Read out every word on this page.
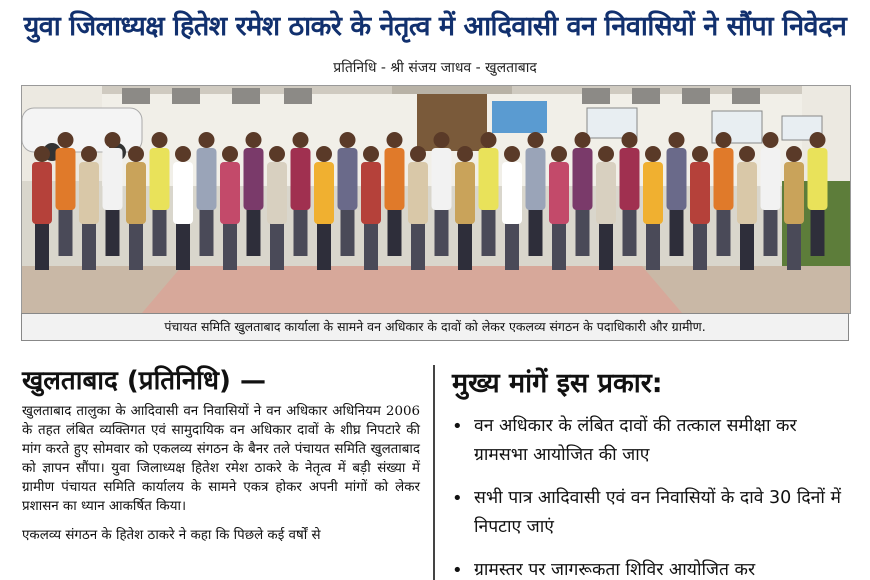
युवा जिलाध्यक्ष हितेश रमेश ठाकरे के नेतृत्व में आदिवासी वन निवासियों ने सौंपा निवेदन
प्रतिनिधि - श्री संजय जाधव - खुलताबाद
पंचायत समिति खुलताबाद कार्याला के सामने वन अधिकार के दावों को लेकर एकलव्य संगठन के पदाधिकारी और ग्रामीण.
खुलताबाद (प्रतिनिधि) —

खुलताबाद तालुका के आदिवासी वन निवासियों ने वन अधिकार अधिनियम 2006 के तहत लंबित व्यक्तिगत एवं सामुदायिक वन अधिकार दावों के शीघ्र निपटारे की मांग करते हुए सोमवार को एकलव्य संगठन के बैनर तले पंचायत समिति खुलताबाद को ज्ञापन सौंपा। युवा जिलाध्यक्ष हितेश रमेश ठाकरे के नेतृत्व में बड़ी संख्या में ग्रामीण पंचायत समिति कार्यालय के सामने एकत्र होकर अपनी मांगों को लेकर प्रशासन का ध्यान आकर्षित किया।

एकलव्य संगठन के हितेश ठाकरे ने कहा कि पिछले कई वर्षों से

मुख्य मांगें इस प्रकार:
• वन अधिकार के लंबित दावों की तत्काल समीक्षा कर ग्रामसभा आयोजित की जाए
• सभी पात्र आदिवासी एवं वन निवासियों के दावे 30 दिनों में निपटाए जाएं
• ग्रामस्तर पर जागरूकता शिविर आयोजित कर
